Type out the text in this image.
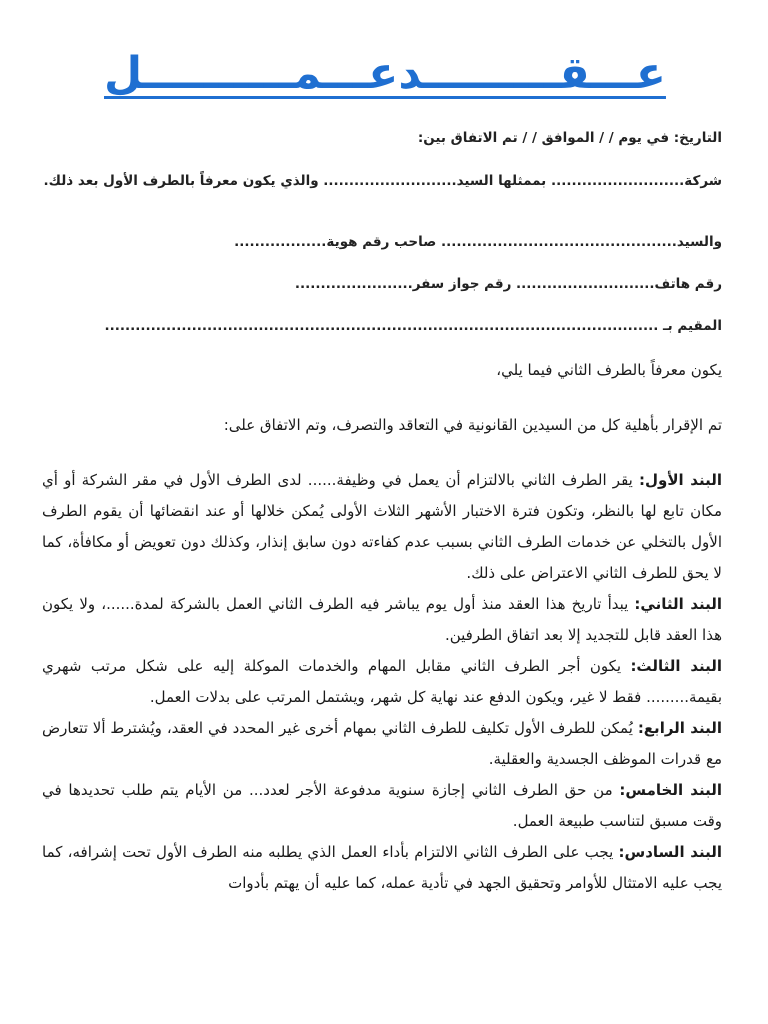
عـــقـــــــــدعـــمــــــــــل
التاريخ: في يوم / / الموافق / / تم الاتفاق بين:
شركة.......................... بممثلها السيد.......................... والذي يكون معرفاً بالطرف الأول بعد ذلك.
والسيد.............................................. صاحب رقم هوية..................
رقم هاتف........................... رقم جواز سفر.......................
المقيم بـ ............................................................................................................
يكون معرفاً بالطرف الثاني فيما يلي،
تم الإقرار بأهلية كل من السيدين القانونية في التعاقد والتصرف، وتم الاتفاق على:

البند الأول: يقر الطرف الثاني بالالتزام أن يعمل في وظيفة...... لدى الطرف الأول في مقر الشركة أو أي مكان تابع لها بالنظر، وتكون فترة الاختبار الأشهر الثلاث الأولى يُمكن خلالها أو عند انقضائها أن يقوم الطرف الأول بالتخلي عن خدمات الطرف الثاني بسبب عدم كفاءته دون سابق إنذار، وكذلك دون تعويض أو مكافأة، كما لا يحق للطرف الثاني الاعتراض على ذلك.

البند الثاني: يبدأ تاريخ هذا العقد منذ أول يوم يباشر فيه الطرف الثاني العمل بالشركة لمدة......، ولا يكون هذا العقد قابل للتجديد إلا بعد اتفاق الطرفين.

البند الثالث: يكون أجر الطرف الثاني مقابل المهام والخدمات الموكلة إليه على شكل مرتب شهري بقيمة......... فقط لا غير، ويكون الدفع عند نهاية كل شهر، ويشتمل المرتب على بدلات العمل.

البند الرابع: يُمكن للطرف الأول تكليف للطرف الثاني بمهام أخرى غير المحدد في العقد، ويُشترط ألا تتعارض مع قدرات الموظف الجسدية والعقلية.

البند الخامس: من حق الطرف الثاني إجازة سنوية مدفوعة الأجر لعدد... من الأيام يتم طلب تحديدها في وقت مسبق لتناسب طبيعة العمل.

البند السادس: يجب على الطرف الثاني الالتزام بأداء العمل الذي يطلبه منه الطرف الأول تحت إشرافه، كما يجب عليه الامتثال للأوامر وتحقيق الجهد في تأدية عمله، كما عليه أن يهتم بأدوات
